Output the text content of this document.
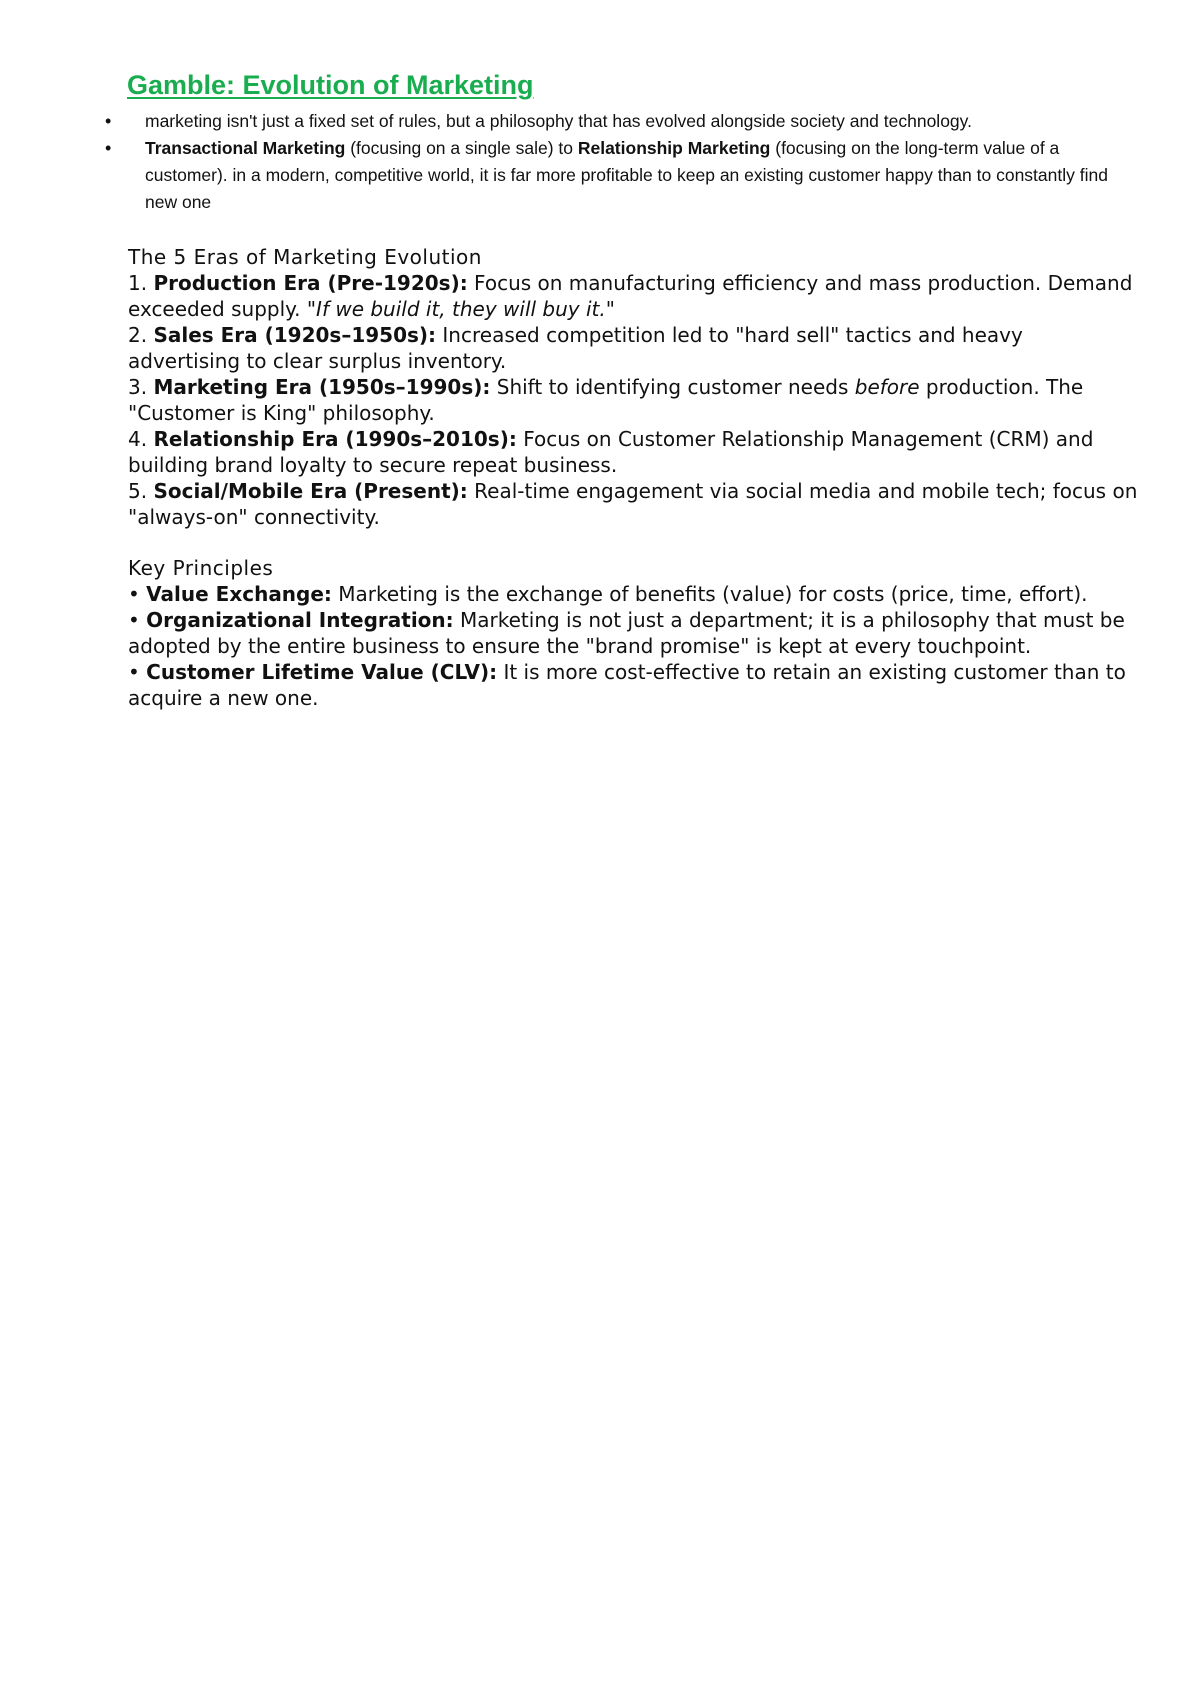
Gamble: Evolution of Marketing
• marketing isn't just a fixed set of rules, but a philosophy that has evolved alongside society and technology.
• Transactional Marketing (focusing on a single sale) to Relationship Marketing (focusing on the long-term value of a customer). in a modern, competitive world, it is far more profitable to keep an existing customer happy than to constantly find new one

The 5 Eras of Marketing Evolution

1. Production Era (Pre-1920s): Focus on manufacturing efficiency and mass production. Demand exceeded supply. "If we build it, they will buy it."

2. Sales Era (1920s–1950s): Increased competition led to "hard sell" tactics and heavy advertising to clear surplus inventory.

3. Marketing Era (1950s–1990s): Shift to identifying customer needs before production. The "Customer is King" philosophy.

4. Relationship Era (1990s–2010s): Focus on Customer Relationship Management (CRM) and building brand loyalty to secure repeat business.

5. Social/Mobile Era (Present): Real-time engagement via social media and mobile tech; focus on "always-on" connectivity.

Key Principles

• Value Exchange: Marketing is the exchange of benefits (value) for costs (price, time, effort).

• Organizational Integration: Marketing is not just a department; it is a philosophy that must be adopted by the entire business to ensure the "brand promise" is kept at every touchpoint.

• Customer Lifetime Value (CLV): It is more cost-effective to retain an existing customer than to acquire a new one.
